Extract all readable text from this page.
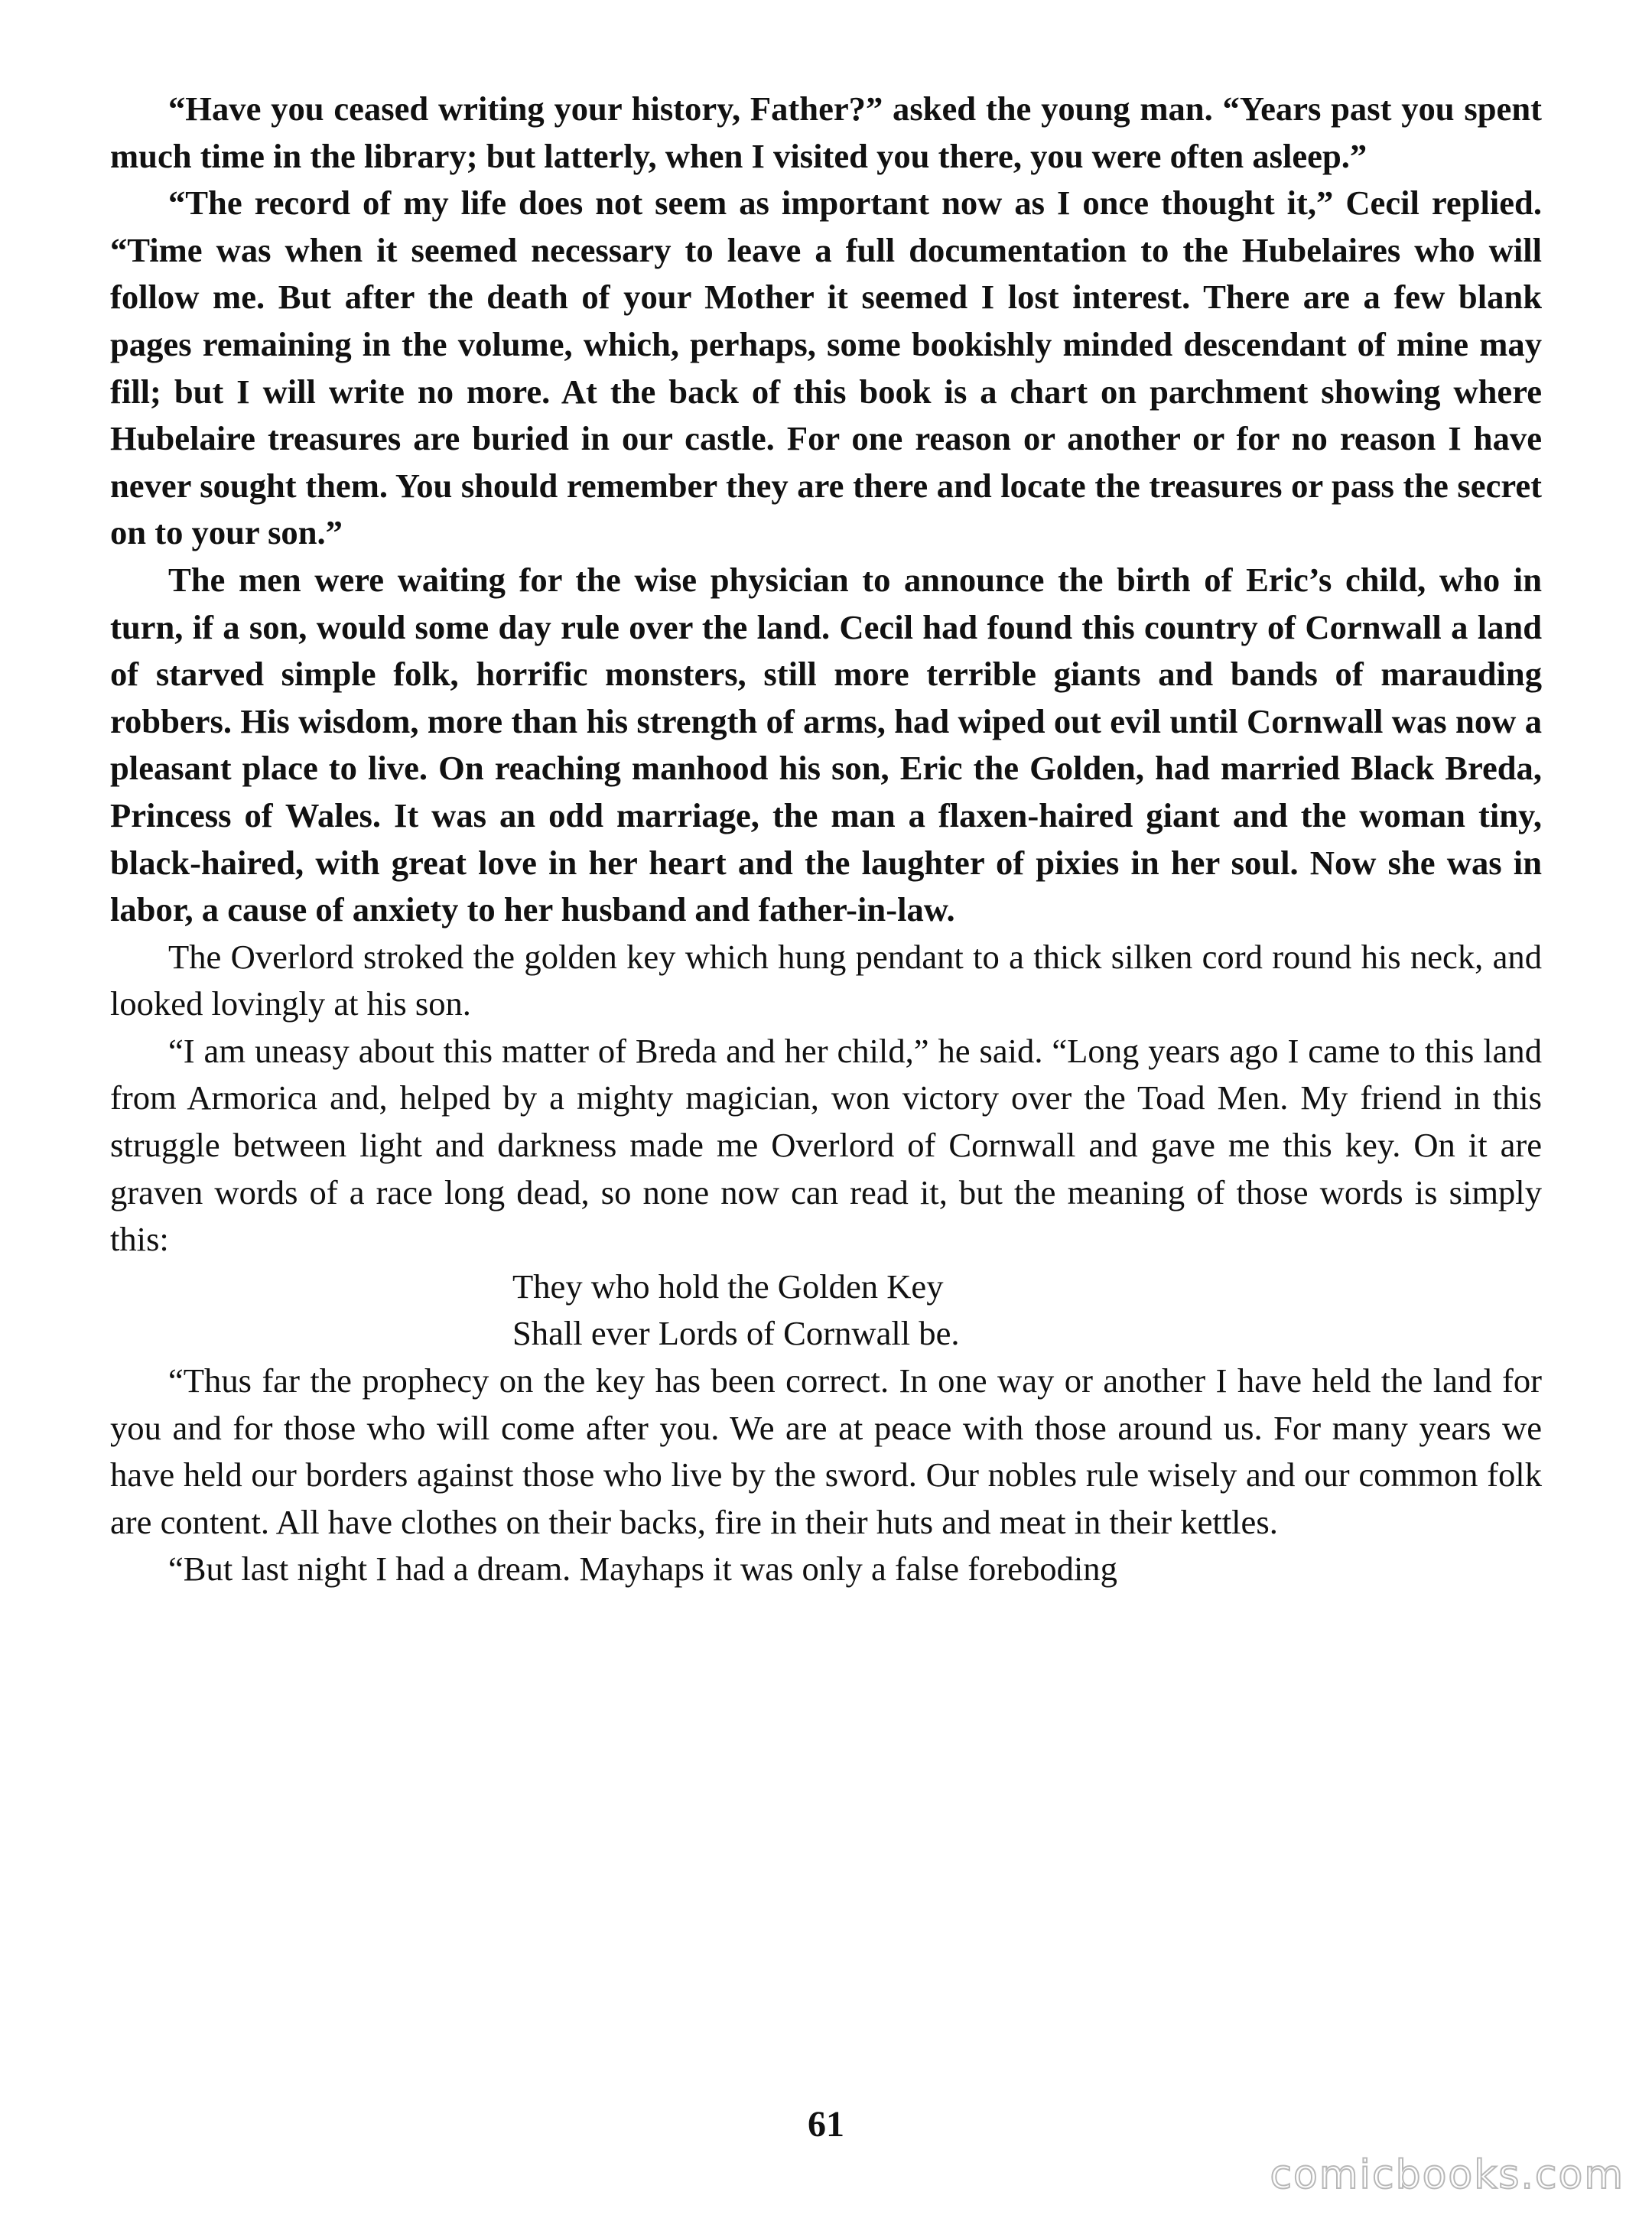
“Have you ceased writing your history, Father?” asked the young man. “Years past you spent much time in the library; but latterly, when I visited you there, you were often asleep.”

“The record of my life does not seem as important now as I once thought it,” Cecil replied. “Time was when it seemed necessary to leave a full documentation to the Hubelaires who will follow me. But after the death of your Mother it seemed I lost interest. There are a few blank pages remaining in the volume, which, perhaps, some bookishly minded descendant of mine may fill; but I will write no more. At the back of this book is a chart on parchment showing where Hubelaire treasures are buried in our castle. For one reason or another or for no reason I have never sought them. You should remember they are there and locate the treasures or pass the secret on to your son.”

The men were waiting for the wise physician to announce the birth of Eric’s child, who in turn, if a son, would some day rule over the land. Cecil had found this country of Cornwall a land of starved simple folk, horrific monsters, still more terrible giants and bands of marauding robbers. His wisdom, more than his strength of arms, had wiped out evil until Cornwall was now a pleasant place to live. On reaching manhood his son, Eric the Golden, had married Black Breda, Princess of Wales. It was an odd marriage, the man a flaxen-haired giant and the woman tiny, black-haired, with great love in her heart and the laughter of pixies in her soul. Now she was in labor, a cause of anxiety to her husband and father-in-law.

The Overlord stroked the golden key which hung pendant to a thick silken cord round his neck, and looked lovingly at his son.

“I am uneasy about this matter of Breda and her child,” he said. “Long years ago I came to this land from Armorica and, helped by a mighty magician, won victory over the Toad Men. My friend in this struggle between light and darkness made me Overlord of Cornwall and gave me this key. On it are graven words of a race long dead, so none now can read it, but the meaning of those words is simply this:

They who hold the Golden Key

Shall ever Lords of Cornwall be.

“Thus far the prophecy on the key has been correct. In one way or another I have held the land for you and for those who will come after you. We are at peace with those around us. For many years we have held our borders against those who live by the sword. Our nobles rule wisely and our common folk are content. All have clothes on their backs, fire in their huts and meat in their kettles.

“But last night I had a dream. Mayhaps it was only a false foreboding

61
comicbooks.com
